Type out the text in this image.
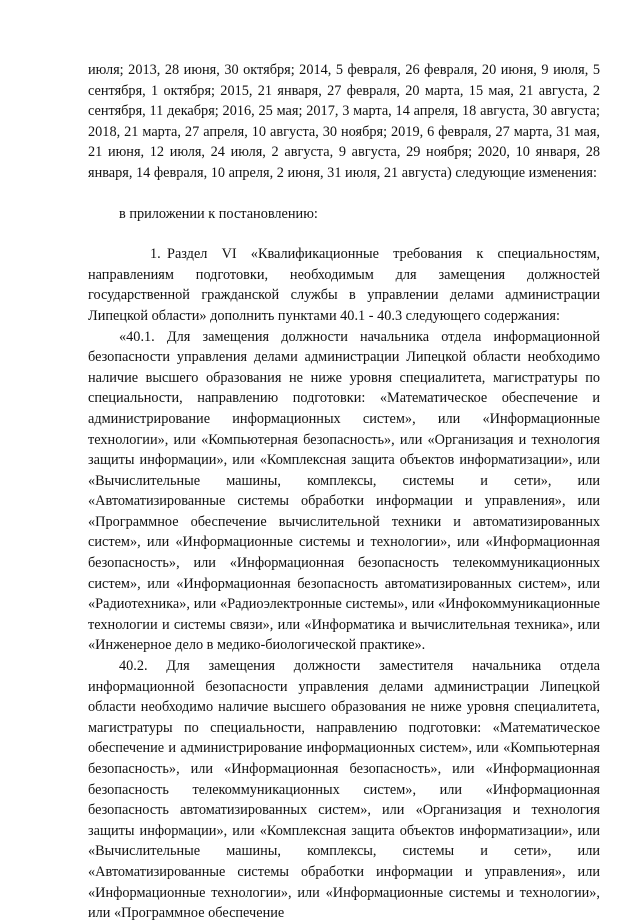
июля; 2013, 28 июня, 30 октября; 2014, 5 февраля, 26 февраля, 20 июня, 9 июля, 5 сентября, 1 октября; 2015, 21 января, 27 февраля, 20 марта, 15 мая, 21 августа, 2 сентября, 11 декабря; 2016, 25 мая; 2017, 3 марта, 14 апреля, 18 августа, 30 августа; 2018, 21 марта, 27 апреля, 10 августа, 30 ноября; 2019, 6 февраля, 27 марта, 31 мая, 21 июня, 12 июля, 24 июля, 2 августа, 9 августа, 29 ноября; 2020, 10 января, 28 января, 14 февраля, 10 апреля, 2 июня, 31 июля, 21 августа) следующие изменения:

в приложении к постановлению:

1. Раздел VI «Квалификационные требования к специальностям, направлениям подготовки, необходимым для замещения должностей государственной гражданской службы в управлении делами администрации Липецкой области» дополнить пунктами 40.1 - 40.3 следующего содержания:

«40.1. Для замещения должности начальника отдела информационной безопасности управления делами администрации Липецкой области необходимо наличие высшего образования не ниже уровня специалитета, магистратуры по специальности, направлению подготовки: «Математическое обеспечение и администрирование информационных систем», или «Информационные технологии», или «Компьютерная безопасность», или «Организация и технология защиты информации», или «Комплексная защита объектов информатизации», или «Вычислительные машины, комплексы, системы и сети», или «Автоматизированные системы обработки информации и управления», или «Программное обеспечение вычислительной техники и автоматизированных систем», или «Информационные системы и технологии», или «Информационная безопасность», или «Информационная безопасность телекоммуникационных систем», или «Информационная безопасность автоматизированных систем», или «Радиотехника», или «Радиоэлектронные системы», или «Инфокоммуникационные технологии и системы связи», или «Информатика и вычислительная техника», или «Инженерное дело в медико-биологической практике».

40.2. Для замещения должности заместителя начальника отдела информационной безопасности управления делами администрации Липецкой области необходимо наличие высшего образования не ниже уровня специалитета, магистратуры по специальности, направлению подготовки: «Математическое обеспечение и администрирование информационных систем», или «Компьютерная безопасность», или «Информационная безопасность», или «Информационная безопасность телекоммуникационных систем», или «Информационная безопасность автоматизированных систем», или «Организация и технология защиты информации», или «Комплексная защита объектов информатизации», или «Вычислительные машины, комплексы, системы и сети», или «Автоматизированные системы обработки информации и управления», или «Информационные технологии», или «Информационные системы и технологии», или «Программное обеспечение
